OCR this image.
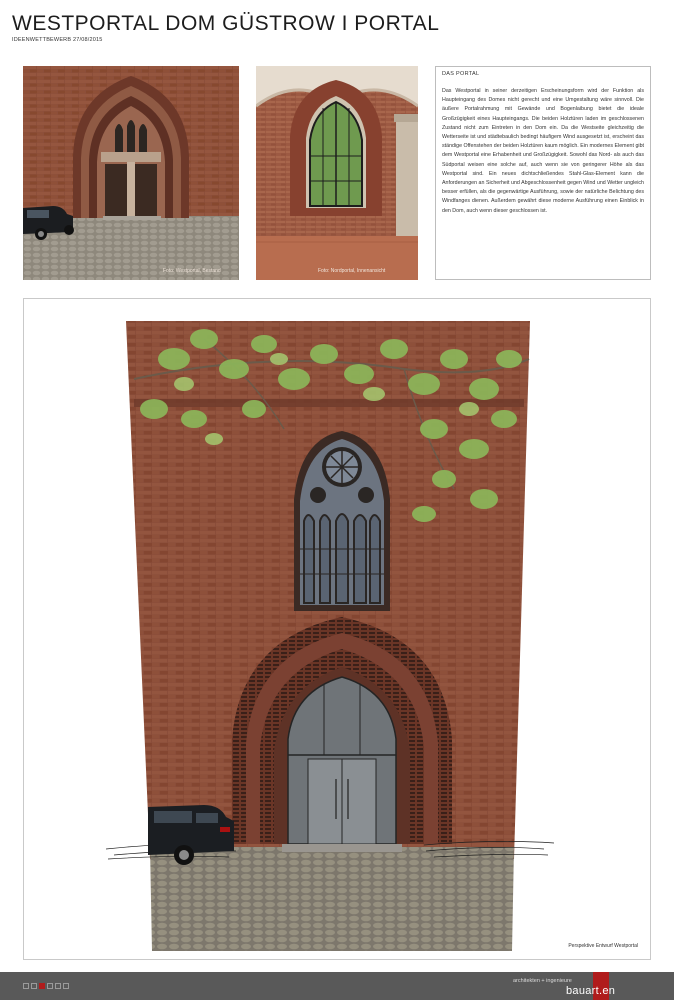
WESTPORTAL DOM GÜSTROW I PORTAL
IDEENWETTBEWERB 27/08/2015
Foto: Westportal, Bestand	Foto: Nordportal, Innenansicht
DAS PORTAL
Das Westportal in seiner derzeitigen Erscheinungsform wird der Funktion als Haupteingang des Domes nicht gerecht und eine Umgestaltung wäre sinnvoll. Die äußere Portalrahmung mit Gewände und Bogenlaibung bietet die ideale Großzügigkeit eines Haupteingangs. Die beiden Holztüren laden im geschlossenen Zustand nicht zum Eintreten in den Dom ein. Da die Westseite gleichzeitig die Wetterseite ist und städtebaulich bedingt häufigem Wind ausgesetzt ist, erscheint das ständige Offenstehen der beiden Holztüren kaum möglich. Ein modernes Element gibt dem Westportal eine Erhabenheit und Großzügigkeit. Sowohl das Nord- als auch das Südportal weisen eine solche auf, auch wenn sie von geringerer Höhe als das Westportal sind. Ein neues dichtschließendes Stahl-Glas-Element kann die Anforderungen an Sicherheit und Abgeschlossenheit gegen Wind und Wetter ungleich besser erfüllen, als die gegenwärtige Ausführung, sowie der natürliche Belichtung des Windfanges dienen. Außerdem gewährt diese moderne Ausführung einen Einblick in den Dom, auch wenn dieser geschlossen ist.
Perspektive Entwurf Westportal
architekten + ingenieure
bauart.en
